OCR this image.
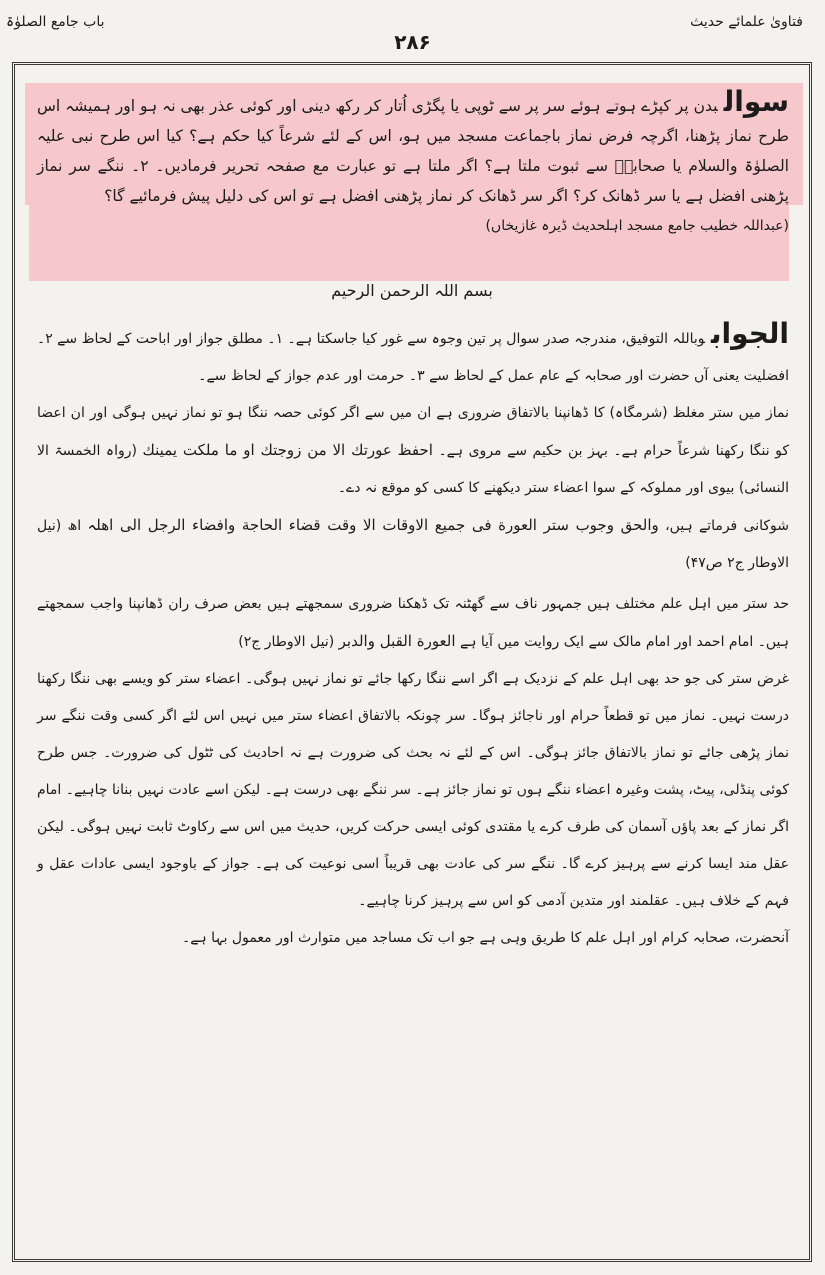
فتاویٰ علمائے حدیث
باب جامع الصلوٰۃ
۲۸۶
سوالبدن پر کپڑے ہوتے ہوئے سر پر سے ٹوپی یا پگڑی اُتار کر رکھ دینی اور کوئی عذر بھی نہ ہو اور ہمیشہ اس طرح نماز پڑھنا، اگرچہ فرض نماز باجماعت مسجد میں ہو، اس کے لئے شرعاً کیا حکم ہے؟ کیا اس طرح نبی علیہ الصلوٰۃ والسلام یا صحابہؓ سے ثبوت ملتا ہے؟ اگر ملتا ہے تو عبارت مع صفحہ تحریر فرمادیں۔ ۲۔ ننگے سر نماز پڑھنی افضل ہے یا سر ڈھانک کر؟ اگر سر ڈھانک کر نماز پڑھنی افضل ہے تو اس کی دلیل پیش فرمائیے گا؟
(عبداللہ خطیب جامع مسجد اہلحدیث ڈیرہ غازیخاں)
بسم اللہ الرحمن الرحیم

الجوابوباللہ التوفیق، مندرجہ صدر سوال پر تین وجوہ سے غور کیا جاسکتا ہے۔ ۱۔ مطلق جواز اور اباحت کے لحاظ سے ۲۔ افضلیت یعنی آں حضرت اور صحابہ کے عام عمل کے لحاظ سے ۳۔ حرمت اور عدم جواز کے لحاظ سے۔

نماز میں ستر مغلظ (شرمگاہ) کا ڈھانپنا بالاتفاق ضروری ہے ان میں سے اگر کوئی حصہ ننگا ہو تو نماز نہیں ہوگی اور ان اعضا کو ننگا رکھنا شرعاً حرام ہے۔ بہز بن حکیم سے مروی ہے۔ احفظ عورتك الا من زوجتك او ما ملكت يمينك (رواہ الخمسۃ الا النسائی) بیوی اور مملوکہ کے سوا اعضاء ستر دیکھنے کا کسی کو موقع نہ دے۔

شوکانی فرماتے ہیں، والحق وجوب ستر العورة فی جمیع الاوقات الا وقت قضاء الحاجة وافضاء الرجل الی اھلہ اھ (نیل الاوطار ج۲ ص۴۷)

حد ستر میں اہل علم مختلف ہیں جمہور ناف سے گھٹنہ تک ڈھکنا ضروری سمجھتے ہیں بعض صرف ران ڈھانپنا واجب سمجھتے ہیں۔ امام احمد اور امام مالک سے ایک روایت میں آیا ہے العورة القبل والدبر (نیل الاوطار ج۲)

غرض ستر کی جو حد بھی اہل علم کے نزدیک ہے اگر اسے ننگا رکھا جائے تو نماز نہیں ہوگی۔ اعضاء ستر کو ویسے بھی ننگا رکھنا درست نہیں۔ نماز میں تو قطعاً حرام اور ناجائز ہوگا۔ سر چونکہ بالاتفاق اعضاء ستر میں نہیں اس لئے اگر کسی وقت ننگے سر نماز پڑھی جائے تو نماز بالاتفاق جائز ہوگی۔ اس کے لئے نہ بحث کی ضرورت ہے نہ احادیث کی ٹٹول کی ضرورت۔ جس طرح کوئی پنڈلی، پیٹ، پشت وغیرہ اعضاء ننگے ہوں تو نماز جائز ہے۔ سر ننگے بھی درست ہے۔ لیکن اسے عادت نہیں بنانا چاہیے۔ امام اگر نماز کے بعد پاؤں آسمان کی طرف کرے یا مقتدی کوئی ایسی حرکت کریں، حدیث میں اس سے رکاوٹ ثابت نہیں ہوگی۔ لیکن عقل مند ایسا کرنے سے پرہیز کرے گا۔ ننگے سر کی عادت بھی قریباً اسی نوعیت کی ہے۔ جواز کے باوجود ایسی عادات عقل و فہم کے خلاف ہیں۔ عقلمند اور متدین آدمی کو اس سے پرہیز کرنا چاہیے۔

آنحضرت، صحابہ کرام اور اہل علم کا طریق وہی ہے جو اب تک مساجد میں متوارث اور معمول بہا ہے۔
